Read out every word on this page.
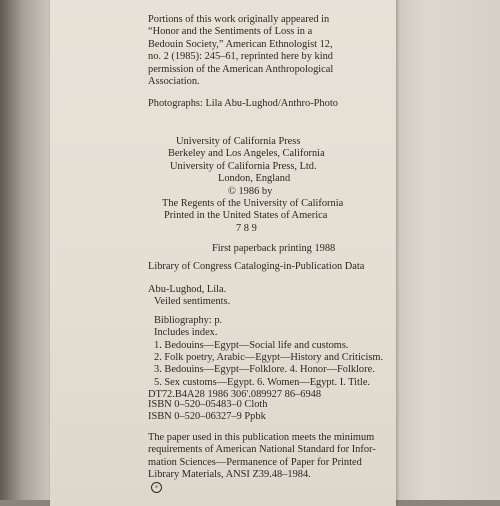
Portions of this work originally appeared in
“Honor and the Sentiments of Loss in a
Bedouin Society,” American Ethnologist 12,
no. 2 (1985): 245–61, reprinted here by kind
permission of the American Anthropological
Association.
Photographs: Lila Abu-Lughod/Anthro-Photo
University of California Press
Berkeley and Los Angeles, California
University of California Press, Ltd.
London, England
© 1986 by
The Regents of the University of California
Printed in the United States of America
7 8 9
First paperback printing 1988
Library of Congress Cataloging-in-Publication Data
Abu-Lughod, Lila.
Veiled sentiments.
Bibliography: p.
Includes index.
1. Bedouins—Egypt—Social life and customs.
2. Folk poetry, Arabic—Egypt—History and Criticism.
3. Bedouins—Egypt—Folklore. 4. Honor—Folklore.
5. Sex customs—Egypt. 6. Women—Egypt. I. Title.
DT72.B4A28 1986 306'.089927 86–6948
ISBN 0–520–05483–0 Cloth
ISBN 0–520–06327–9 Ppbk
The paper used in this publication meets the minimum
requirements of American National Standard for Infor-
mation Sciences—Permanence of Paper for Printed
Library Materials, ANSI Z39.48–1984.
∞
